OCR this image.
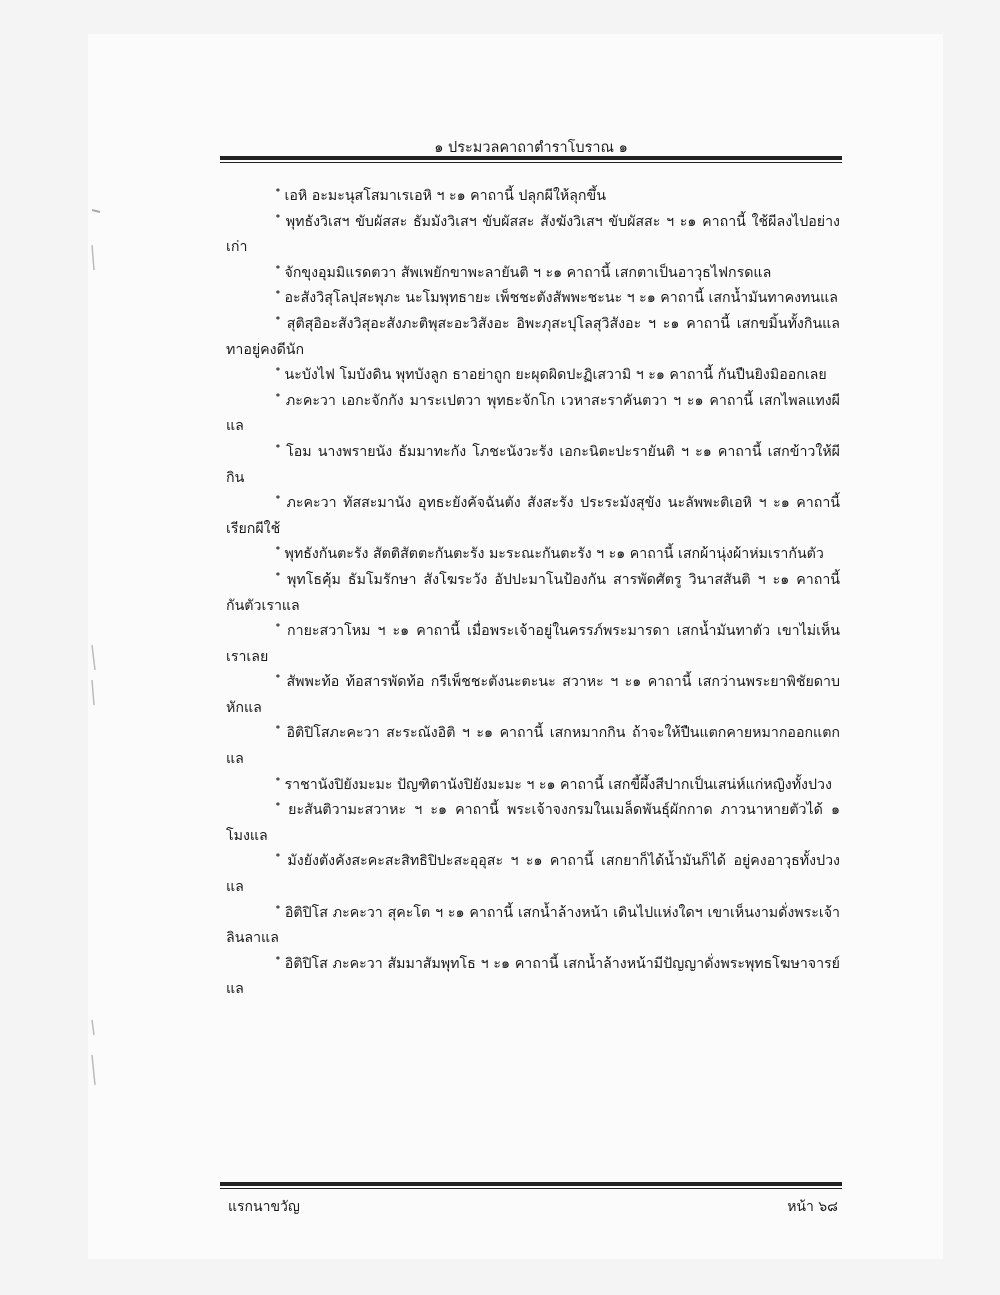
๑ ประมวลคาถาตำราโบราณ ๑

ํ เอหิ อะมะนุสโสมาเรเอหิ ฯ ะ๑ คาถานี้ ปลุกผีให้ลุกขึ้น

ํ พุทธังวิเสฯ ขับผัสสะ ธัมมังวิเสฯ ขับผัสสะ สังฆังวิเสฯ ขับผัสสะ ฯ ะ๑ คาถานี้ ใช้ผีลงไปอย่างเก่า

ํ จักขุงอุมมิแรดตวา สัพเพยักขาพะลายันติ ฯ ะ๑ คาถานี้ เสกตาเป็นอาวุธไฟกรดแล

ํ อะสังวิสุโลปุสะพุภะ นะโมพุทธายะ เพ็ชชะตังสัพพะชะนะ ฯ ะ๑ คาถานี้ เสกน้ำมันทาคงทนแล

ํ สุติสุอิอะสังวิสุอะสังภะติพุสะอะวิสังอะ อิพะภุสะปุโลสุวิสังอะ ฯ ะ๑ คาถานี้ เสกขมิ้นทั้งกินแลทาอยู่คงดีนัก

ํ นะบังไฟ โมบังดิน พุทบังลูก ธาอย่าถูก ยะผุดผิดปะฏิเสวามิ ฯ ะ๑ คาถานี้ กันปืนยิงมิออกเลย

ํ ภะคะวา เอกะจักกัง มาระเปตวา พุทธะจักโก เวหาสะราคันตวา ฯ ะ๑ คาถานี้ เสกไพลแทงผีแล

ํ โอม นางพรายนัง ธัมมาทะกัง โภชะนังวะรัง เอกะนิตะปะรายันติ ฯ ะ๑ คาถานี้ เสกข้าวให้ผีกิน

ํ ภะคะวา ทัสสะมานัง อุทธะยังคัจฉันตัง สังสะรัง ประระมังสุขัง นะลัพพะติเอหิ ฯ ะ๑ คาถานี้ เรียกผีใช้

ํ พุทธังกันตะรัง สัตติสัตตะกันตะรัง มะระณะกันตะรัง ฯ ะ๑ คาถานี้ เสกผ้านุ่งผ้าห่มเรากันตัว

ํ พุทโธคุ้ม ธัมโมรักษา สังโฆระวัง อัปปะมาโนป้องกัน สารพัดศัตรู วินาสสันติ ฯ ะ๑ คาถานี้ กันตัวเราแล

ํ กายะสวาโหม ฯ ะ๑ คาถานี้ เมื่อพระเจ้าอยู่ในครรภ์พระมารดา เสกน้ำมันทาตัว เขาไม่เห็นเราเลย

ํ สัพพะท้อ ท้อสารพัดท้อ กรีเพ็ชชะตังนะตะนะ สวาหะ ฯ ะ๑ คาถานี้ เสกว่านพระยาพิชัยดาบหักแล

ํ อิติปิโสภะคะวา สะระณังอิติ ฯ ะ๑ คาถานี้ เสกหมากกิน ถ้าจะให้ปืนแตกคายหมากออกแตกแล

ํ ราชานังปิยังมะมะ ปัญฑิตานังปิยังมะมะ ฯ ะ๑ คาถานี้ เสกขี้ผึ้งสีปากเป็นเสน่ห์แก่หญิงทั้งปวง

ํ ยะสันติวามะสวาหะ ฯ ะ๑ คาถานี้ พระเจ้าจงกรมในเมล็ดพันธุ์ผักกาด ภาวนาหายตัวได้ ๑ โมงแล

ํ มังยังตังคังสะคะสะสิทธิปิปะสะอุอุสะ ฯ ะ๑ คาถานี้ เสกยาก็ได้น้ำมันก็ได้ อยู่คงอาวุธทั้งปวงแล

ํ อิติปิโส ภะคะวา สุคะโต ฯ ะ๑ คาถานี้ เสกน้ำล้างหน้า เดินไปแห่งใดฯ เขาเห็นงามดั่งพระเจ้าลินลาแล

ํ อิติปิโส ภะคะวา สัมมาสัมพุทโธ ฯ ะ๑ คาถานี้ เสกน้ำล้างหน้ามีปัญญาดั่งพระพุทธโฆษาจารย์แล

แรกนาขวัญ	หน้า ๖๘
